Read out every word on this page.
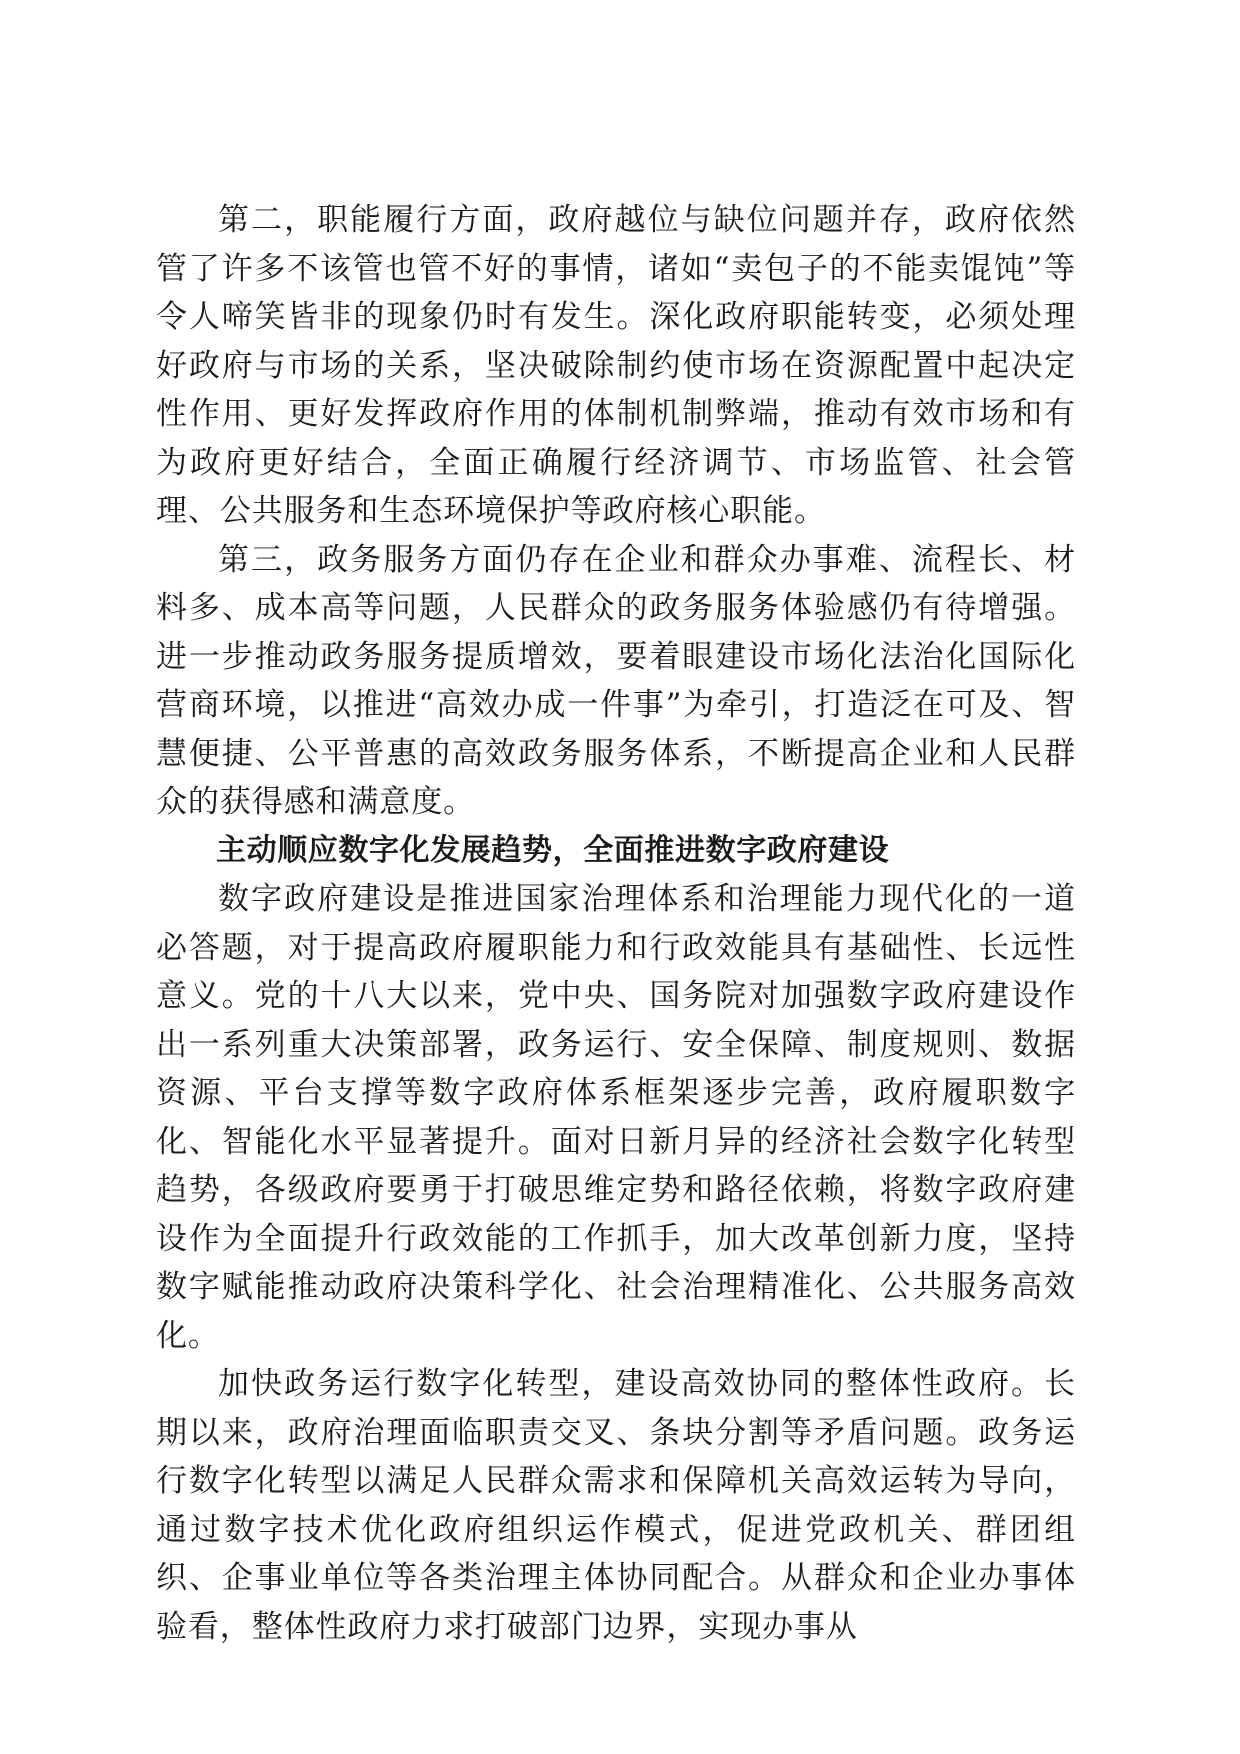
第二，职能履行方面，政府越位与缺位问题并存，政府依然管了许多不该管也管不好的事情，诸如“卖包子的不能卖馄饨”等令人啼笑皆非的现象仍时有发生。深化政府职能转变，必须处理好政府与市场的关系，坚决破除制约使市场在资源配置中起决定性作用、更好发挥政府作用的体制机制弊端，推动有效市场和有为政府更好结合，全面正确履行经济调节、市场监管、社会管理、公共服务和生态环境保护等政府核心职能。

第三，政务服务方面仍存在企业和群众办事难、流程长、材料多、成本高等问题，人民群众的政务服务体验感仍有待增强。进一步推动政务服务提质增效，要着眼建设市场化法治化国际化营商环境，以推进“高效办成一件事”为牵引，打造泛在可及、智慧便捷、公平普惠的高效政务服务体系，不断提高企业和人民群众的获得感和满意度。

主动顺应数字化发展趋势，全面推进数字政府建设

数字政府建设是推进国家治理体系和治理能力现代化的一道必答题，对于提高政府履职能力和行政效能具有基础性、长远性意义。党的十八大以来，党中央、国务院对加强数字政府建设作出一系列重大决策部署，政务运行、安全保障、制度规则、数据资源、平台支撑等数字政府体系框架逐步完善，政府履职数字化、智能化水平显著提升。面对日新月异的经济社会数字化转型趋势，各级政府要勇于打破思维定势和路径依赖，将数字政府建设作为全面提升行政效能的工作抓手，加大改革创新力度，坚持数字赋能推动政府决策科学化、社会治理精准化、公共服务高效化。

加快政务运行数字化转型，建设高效协同的整体性政府。长期以来，政府治理面临职责交叉、条块分割等矛盾问题。政务运行数字化转型以满足人民群众需求和保障机关高效运转为导向，通过数字技术优化政府组织运作模式，促进党政机关、群团组织、企事业单位等各类治理主体协同配合。从群众和企业办事体验看，整体性政府力求打破部门边界，实现办事从
